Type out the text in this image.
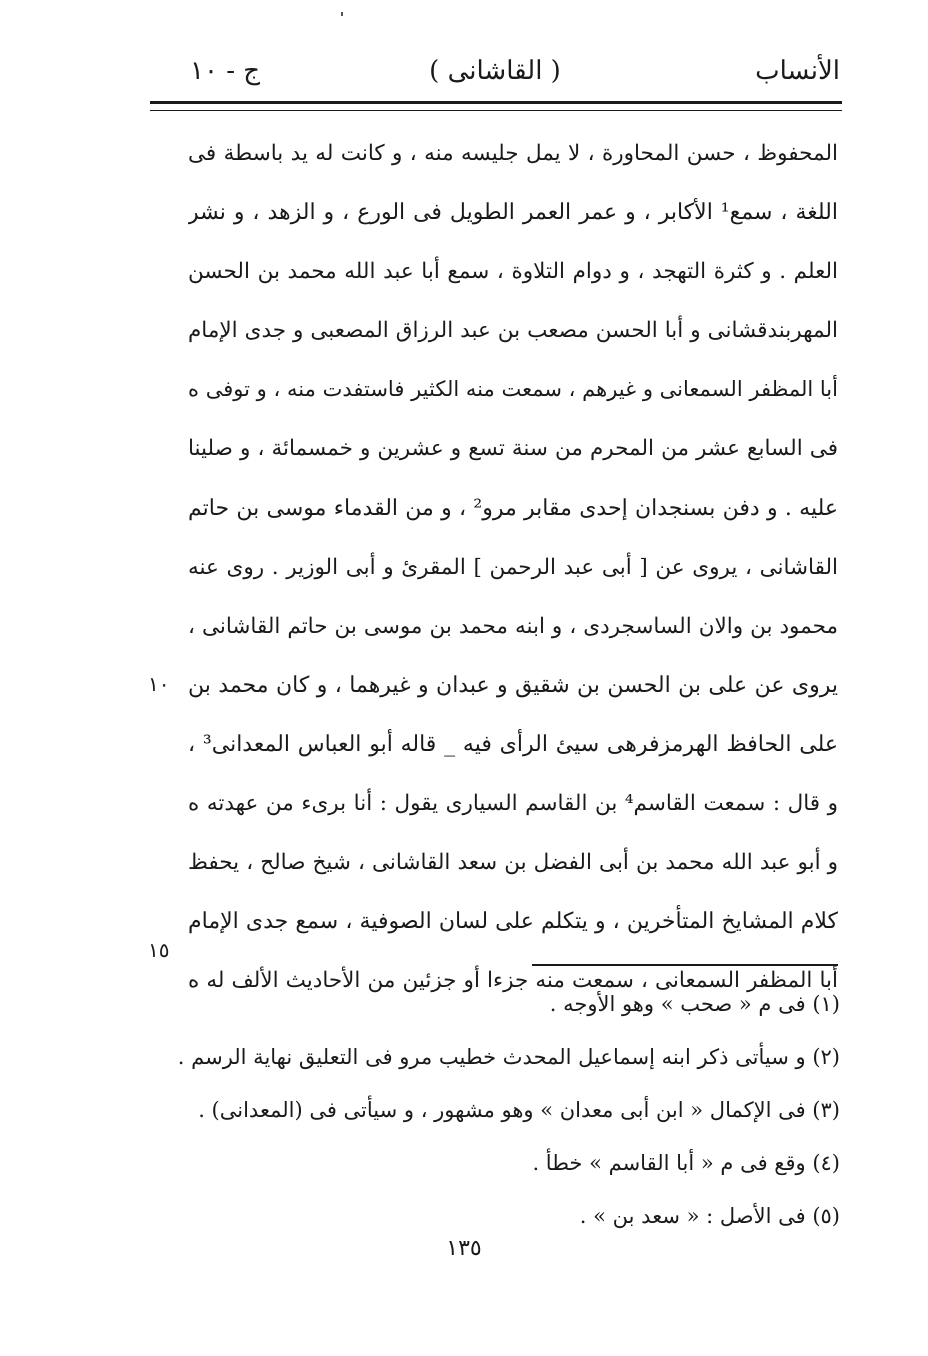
الأنساب
( القاشانى )
ج - ١٠
المحفوظ ، حسن المحاورة ، لا يمل جليسه منه ، و كانت له يد باسطة فى
اللغة ، سمع¹ الأكابر ، و عمر العمر الطويل فى الورع ، و الزهد ، و نشر
العلم . و كثرة التهجد ، و دوام التلاوة ، سمع أبا عبد الله محمد بن الحسن
المهربندقشانى و أبا الحسن مصعب بن عبد الرزاق المصعبى و جدى الإمام
أبا المظفر السمعانى و غيرهم ، سمعت منه الكثير فاستفدت منه ، و توفى ه
فى السابع عشر من المحرم من سنة تسع و عشرين و خمسمائة ، و صلينا
عليه . و دفن بسنجدان إحدى مقابر مرو² ، و من القدماء موسى بن حاتم
القاشانى ، يروى عن [ أبى عبد الرحمن ] المقرئ و أبى الوزير . روى عنه
محمود بن والان الساسجردى ، و ابنه محمد بن موسى بن حاتم القاشانى ،
يروى عن على بن الحسن بن شقيق و عبدان و غيرهما ، و كان محمد بن
على الحافظ الهرمزفرهى سيئ الرأى فيه _ قاله أبو العباس المعدانى³ ،
و قال : سمعت القاسم⁴ بن القاسم السيارى يقول : أنا برىء من عهدته ه
و أبو عبد الله محمد بن أبى الفضل بن سعد القاشانى ، شيخ صالح ، يحفظ
كلام المشايخ المتأخرين ، و يتكلم على لسان الصوفية ، سمع جدى الإمام
أبا المظفر السمعانى ، سمعت منه جزءا أو جزئين من الأحاديث الألف له ه
١٠
١٥
(١) فى م « صحب » وهو الأوجه .
(٢) و سيأتى ذكر ابنه إسماعيل المحدث خطيب مرو فى التعليق نهاية الرسم .
(٣) فى الإكمال « ابن أبى معدان » وهو مشهور ، و سيأتى فى (المعدانى) .
(٤) وقع فى م « أبا القاسم » خطأ .
(٥) فى الأصل : « سعد بن » .
١٣٥
